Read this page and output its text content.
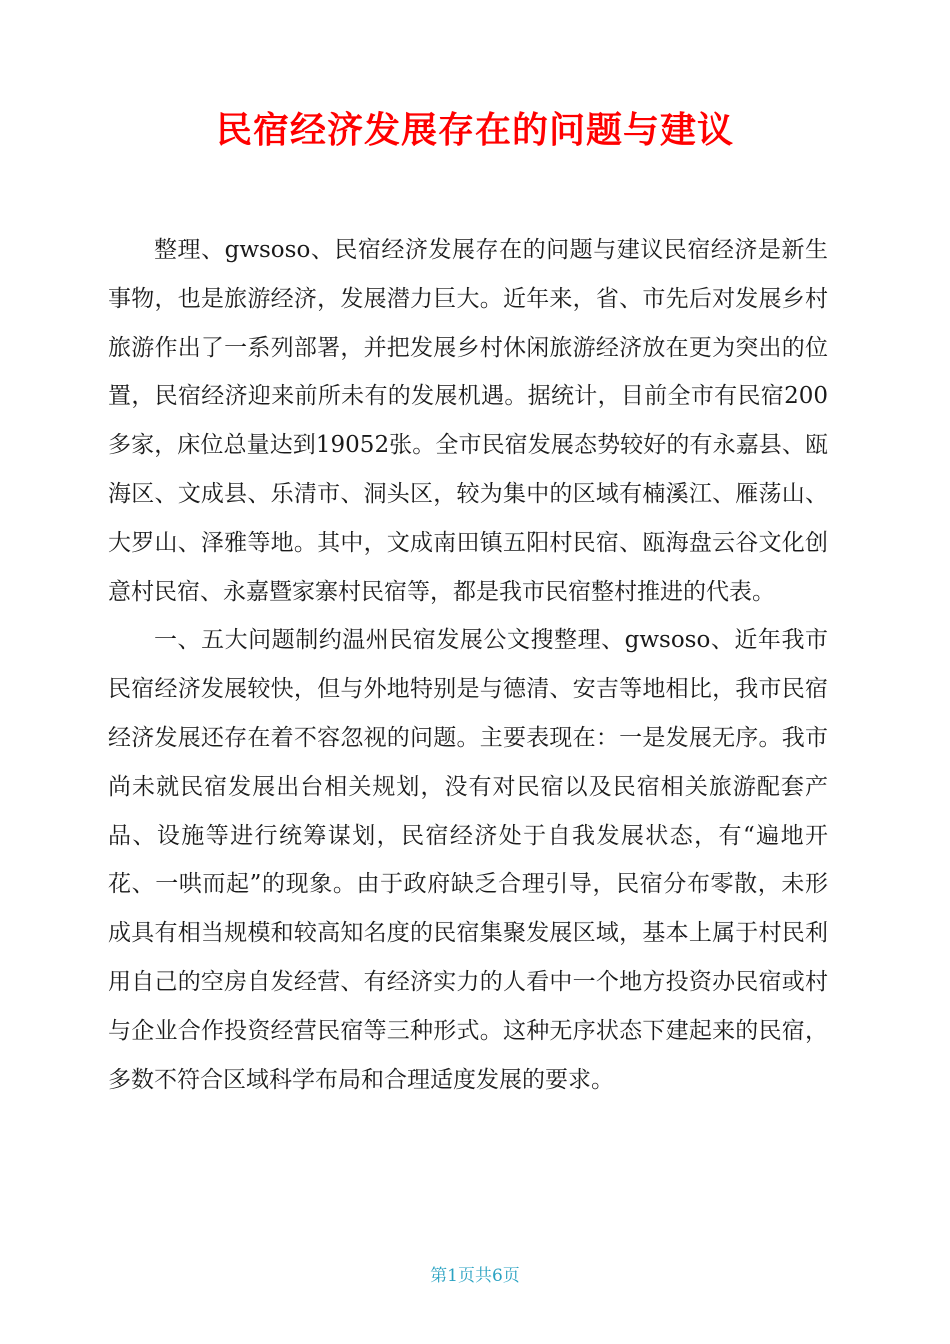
民宿经济发展存在的问题与建议

整理、gwsoso、民宿经济发展存在的问题与建议民宿经济是新生事物，也是旅游经济，发展潜力巨大。近年来，省、市先后对发展乡村旅游作出了一系列部署，并把发展乡村休闲旅游经济放在更为突出的位置，民宿经济迎来前所未有的发展机遇。据统计，目前全市有民宿200多家，床位总量达到19052张。全市民宿发展态势较好的有永嘉县、瓯海区、文成县、乐清市、洞头区，较为集中的区域有楠溪江、雁荡山、大罗山、泽雅等地。其中，文成南田镇五阳村民宿、瓯海盘云谷文化创意村民宿、永嘉暨家寨村民宿等，都是我市民宿整村推进的代表。

一、五大问题制约温州民宿发展公文搜整理、gwsoso、近年我市民宿经济发展较快，但与外地特别是与德清、安吉等地相比，我市民宿经济发展还存在着不容忽视的问题。主要表现在：一是发展无序。我市尚未就民宿发展出台相关规划，没有对民宿以及民宿相关旅游配套产品、设施等进行统筹谋划，民宿经济处于自我发展状态，有“遍地开花、一哄而起”的现象。由于政府缺乏合理引导，民宿分布零散，未形成具有相当规模和较高知名度的民宿集聚发展区域，基本上属于村民利用自己的空房自发经营、有经济实力的人看中一个地方投资办民宿或村与企业合作投资经营民宿等三种形式。这种无序状态下建起来的民宿，多数不符合区域科学布局和合理适度发展的要求。

第1页共6页
